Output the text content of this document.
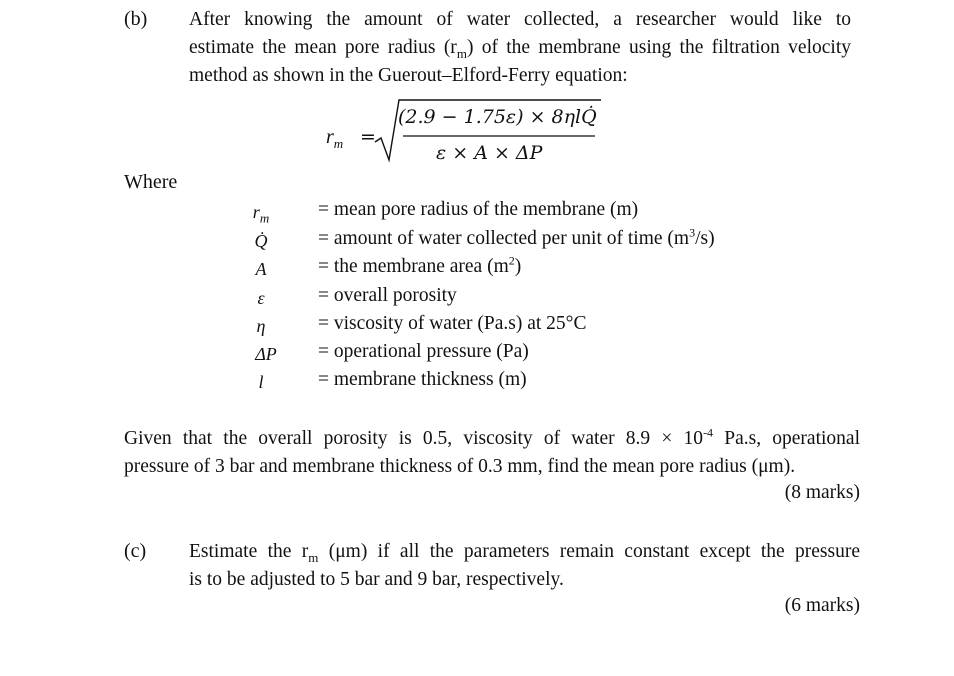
(b) After knowing the amount of water collected, a researcher would like to
estimate the mean pore radius $(r_m)$ of the membrane using the filtration velocity
method as shown in the Guerout–Elford-Ferry equation:
$r_m$ =
(2.9 − 1.75ε) × 8ηlQ̇
ε × A × ΔP
Where
$r_m$	= mean pore radius of the membrane (m)
Q̇	= amount of water collected per unit of time $(m^3/s)$
A	= the membrane area $(m^2)$
ε	= overall porosity
η	= viscosity of water (Pa.s) at 25°C
ΔP = operational pressure (Pa)
l	= membrane thickness (m)
Given that the overall porosity is 0.5, viscosity of water $8.9 \times 10^{-4}$ Pa.s, operational
pressure of 3 bar and membrane thickness of 0.3 mm, find the mean pore radius (μm).
(8 marks)
(c) Estimate the $r_m$ (μm) if all the parameters remain constant except the pressure
is to be adjusted to 5 bar and 9 bar, respectively.
(6 marks)
